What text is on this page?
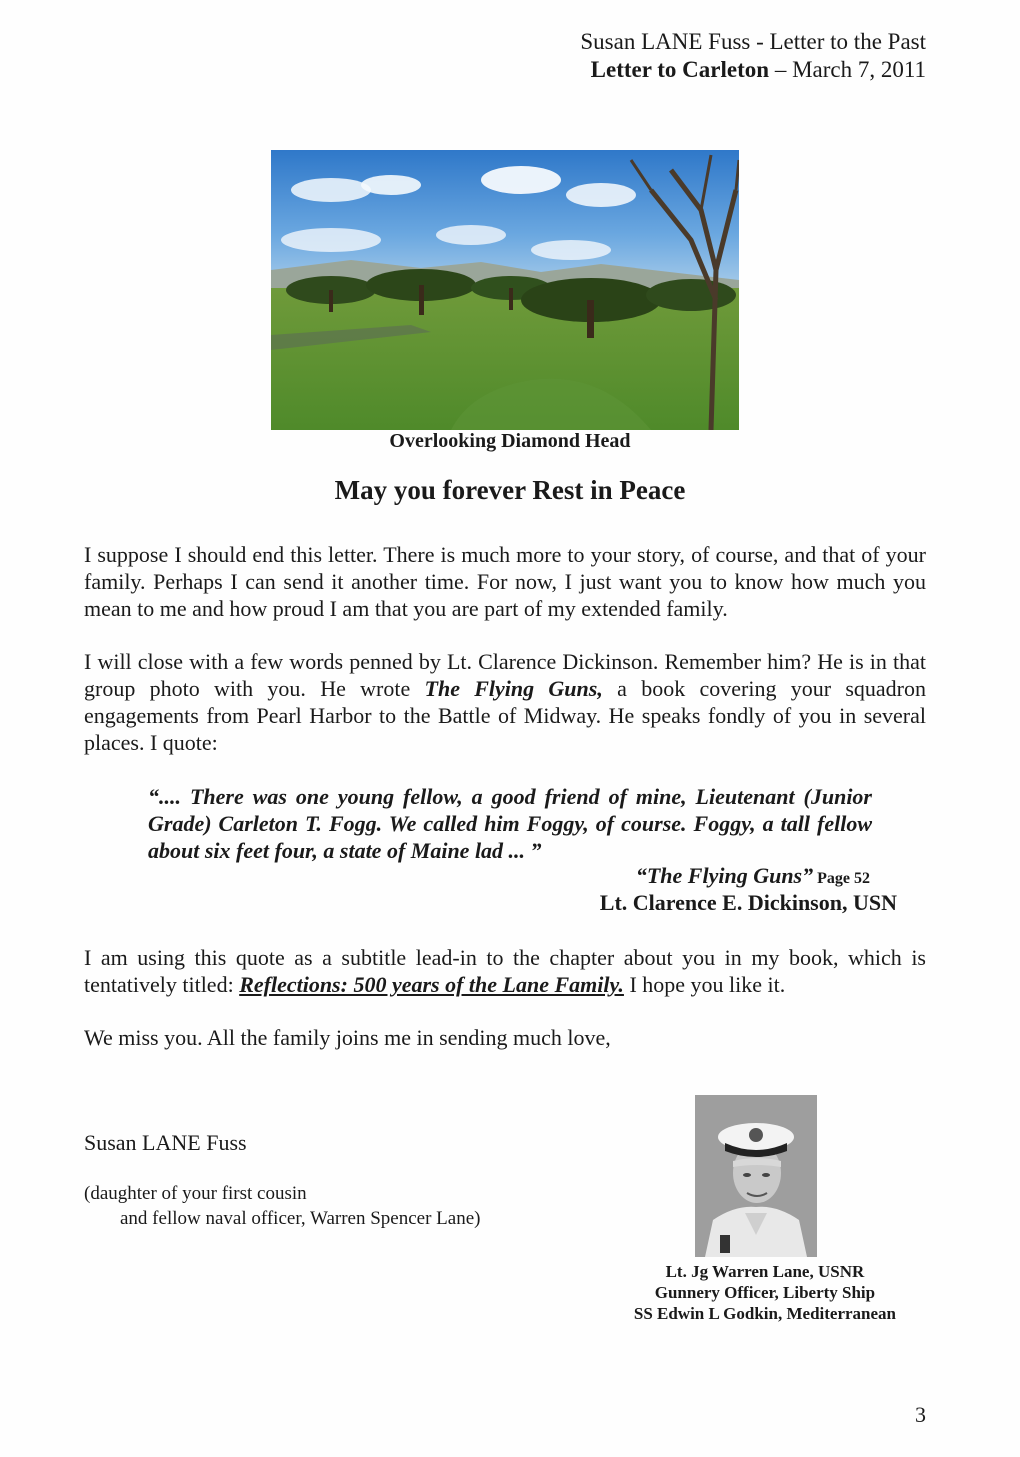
Susan LANE Fuss - Letter to the Past
Letter to Carleton – March 7, 2011
Overlooking Diamond Head
May you forever Rest in Peace
I suppose I should end this letter. There is much more to your story, of course, and that of your family. Perhaps I can send it another time. For now, I just want you to know how much you mean to me and how proud I am that you are part of my extended family.
I will close with a few words penned by Lt. Clarence Dickinson. Remember him? He is in that group photo with you. He wrote The Flying Guns, a book covering your squadron engagements from Pearl Harbor to the Battle of Midway. He speaks fondly of you in several places. I quote:
“.... There was one young fellow, a good friend of mine, Lieutenant (Junior Grade) Carleton T. Fogg. We called him Foggy, of course. Foggy, a tall fellow about six feet four, a state of Maine lad ... ”
“The Flying Guns” Page 52
Lt. Clarence E. Dickinson, USN
I am using this quote as a subtitle lead-in to the chapter about you in my book, which is tentatively titled: Reflections: 500 years of the Lane Family. I hope you like it.
We miss you. All the family joins me in sending much love,
Susan LANE Fuss
(daughter of your first cousin
and fellow naval officer, Warren Spencer Lane)
Lt. Jg Warren Lane, USNR
Gunnery Officer, Liberty Ship
SS Edwin L Godkin, Mediterranean
3
